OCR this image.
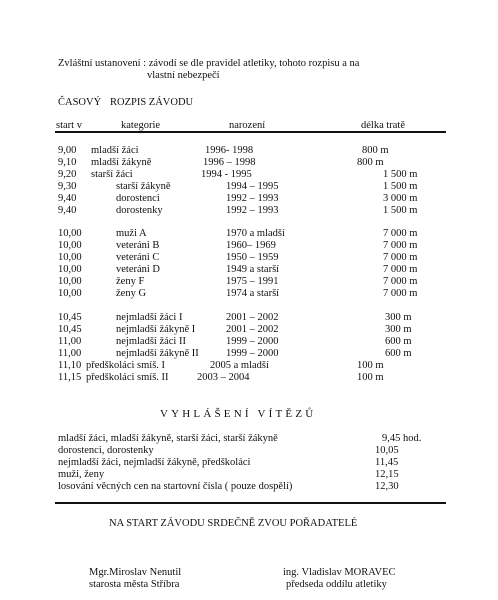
Zvláštní ustanovení : závodí se dle pravidel atletiky, tohoto rozpisu a na
vlastní nebezpečí
ČASOVÝ ROZPIS ZÁVODU
start v	kategorie	narození	délka tratě
9,00 mladší žáci	1996- 1998	800 m
9,10 mladší žákyně	1996 – 1998	800 m
9,20 starší žáci	1994 - 1995	1 500 m
9,30	starší žákyně	1994 – 1995	1 500 m
9,40	dorostenci	1992 – 1993	3 000 m
9,40	dorostenky	1992 – 1993	1 500 m
10,00	muži A	1970 a mladší	7 000 m
10,00	veteráni B	1960– 1969	7 000 m
10,00	veteráni C	1950 – 1959	7 000 m
10,00	veteráni D	1949 a starší	7 000 m
10,00	ženy F	1975 – 1991	7 000 m
10,00	ženy G	1974 a starší	7 000 m
10,45	nejmladší žáci I	2001 – 2002	300 m
10,45	nejmladší žákyně I	2001 – 2002	300 m
11,00	nejmladší žáci II	1999 – 2000	600 m
11,00	nejmladší žákyně II	1999 – 2000	600 m
11,10 předškoláci smíš. I	2005 a mladší	100 m
11,15 předškoláci smíš. II	2003 – 2004	100 m
VYHLÁŠENÍ VÍTĚZŮ
mladší žáci, mladší žákyně, starší žáci, starší žákyně	9,45 hod.
dorostenci, dorostenky	10,05
nejmladší žáci, nejmladší žákyně, předškoláci	11,45
muži, ženy	12,15
losování věcných cen na startovní čísla ( pouze dospělí)	12,30
NA START ZÁVODU SRDEČNĚ ZVOU POŘADATELÉ
Mgr.Miroslav Nenutil
starosta města Stříbra
ing. Vladislav MORAVEC
předseda oddílu atletiky
